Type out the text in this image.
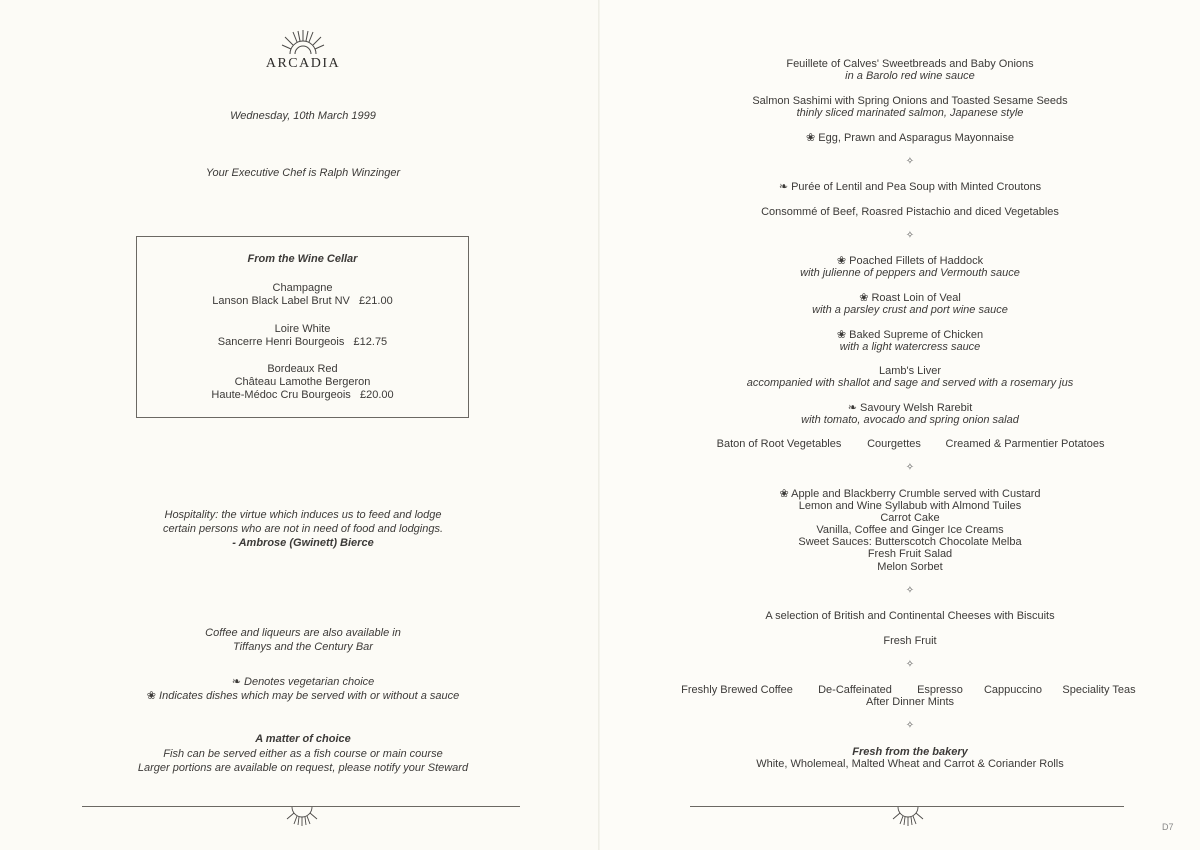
ARCADIA
Wednesday, 10th March 1999
Your Executive Chef is Ralph Winzinger
From the Wine Cellar
Champagne
Lanson Black Label Brut NV   £21.00
Loire White
Sancerre Henri Bourgeois   £12.75
Bordeaux Red
Château Lamothe Bergeron
Haute-Médoc Cru Bourgeois   £20.00
Hospitality: the virtue which induces us to feed and lodge
certain persons who are not in need of food and lodgings.
- Ambrose (Gwinett) Bierce
Coffee and liqueurs are also available in
Tiffanys and the Century Bar
❧ Denotes vegetarian choice
❀ Indicates dishes which may be served with or without a sauce
A matter of choice
Fish can be served either as a fish course or main course
Larger portions are available on request, please notify your Steward
Feuillete of Calves' Sweetbreads and Baby Onions
in a Barolo red wine sauce
Salmon Sashimi with Spring Onions and Toasted Sesame Seeds
thinly sliced marinated salmon, Japanese style
❀ Egg, Prawn and Asparagus Mayonnaise
✧
❧ Purée of Lentil and Pea Soup with Minted Croutons
Consommé of Beef, Roasred Pistachio and diced Vegetables
✧
❀ Poached Fillets of Haddock
with julienne of peppers and Vermouth sauce
❀ Roast Loin of Veal
with a parsley crust and port wine sauce
❀ Baked Supreme of Chicken
with a light watercress sauce
Lamb's Liver
accompanied with shallot and sage and served with a rosemary jus
❧ Savoury Welsh Rarebit
with tomato, avocado and spring onion salad
Baton of Root Vegetables	Courgettes	Creamed & Parmentier Potatoes
✧
❀ Apple and Blackberry Crumble served with Custard
Lemon and Wine Syllabub with Almond Tuiles
Carrot Cake
Vanilla, Coffee and Ginger Ice Creams
Sweet Sauces: Butterscotch Chocolate Melba
Fresh Fruit Salad
Melon Sorbet
✧
A selection of British and Continental Cheeses with Biscuits
Fresh Fruit
✧
Freshly Brewed Coffee	De-Caffeinated	Espresso	Cappuccino	Speciality Teas
After Dinner Mints
✧
Fresh from the bakery
White, Wholemeal, Malted Wheat and Carrot & Coriander Rolls
D7
